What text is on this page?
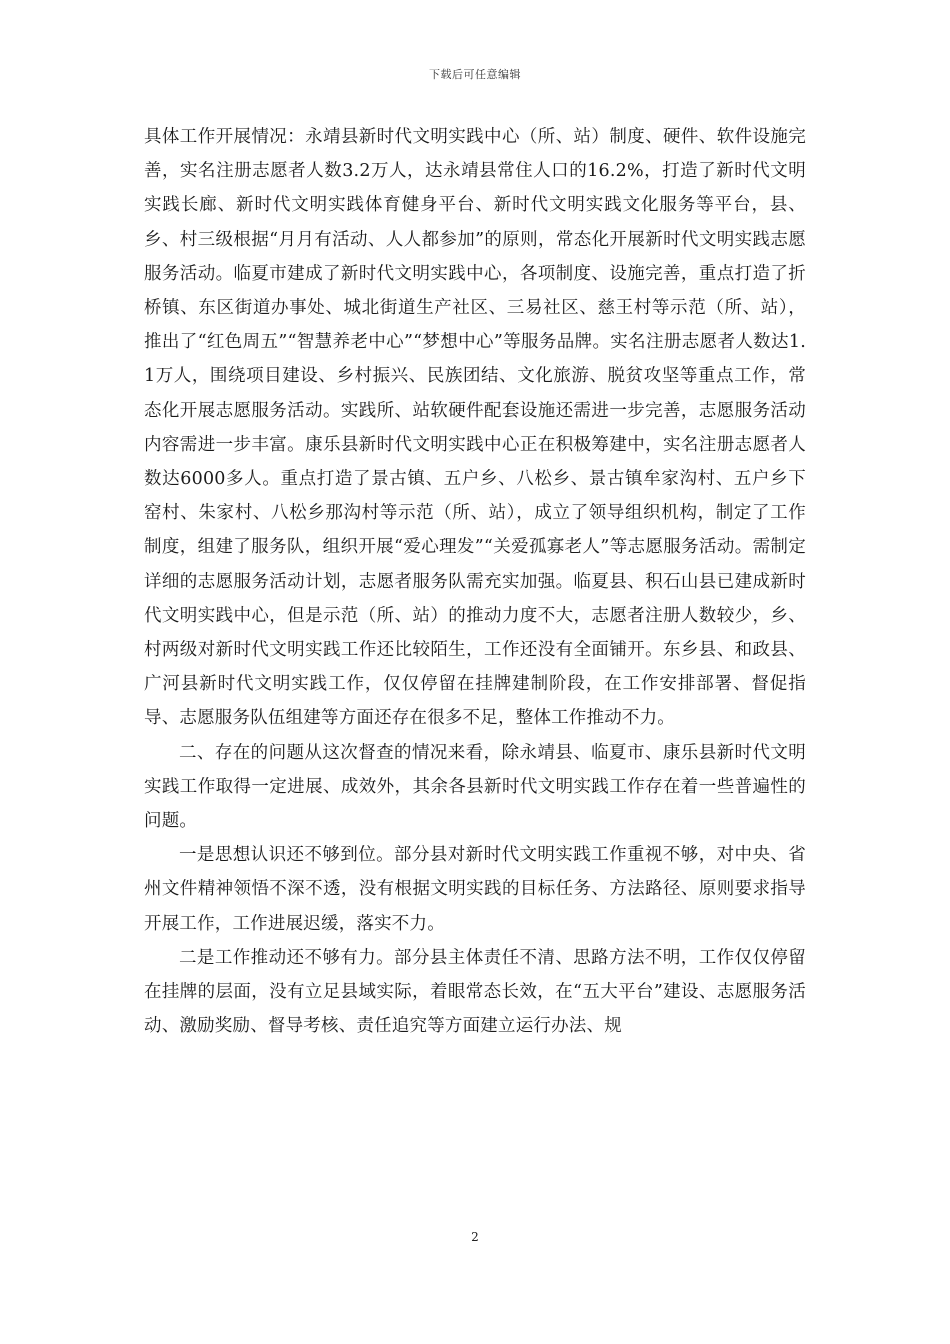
下载后可任意编辑

具体工作开展情况：永靖县新时代文明实践中心（所、站）制度、硬件、软件设施完善，实名注册志愿者人数3.2万人，达永靖县常住人口的16.2%，打造了新时代文明实践长廊、新时代文明实践体育健身平台、新时代文明实践文化服务等平台，县、乡、村三级根据“月月有活动、人人都参加”的原则，常态化开展新时代文明实践志愿服务活动。临夏市建成了新时代文明实践中心，各项制度、设施完善，重点打造了折桥镇、东区街道办事处、城北街道生产社区、三易社区、慈王村等示范（所、站），推出了“红色周五”“智慧养老中心”“梦想中心”等服务品牌。实名注册志愿者人数达1.1万人，围绕项目建设、乡村振兴、民族团结、文化旅游、脱贫攻坚等重点工作，常态化开展志愿服务活动。实践所、站软硬件配套设施还需进一步完善，志愿服务活动内容需进一步丰富。康乐县新时代文明实践中心正在积极筹建中，实名注册志愿者人数达6000多人。重点打造了景古镇、五户乡、八松乡、景古镇牟家沟村、五户乡下窑村、朱家村、八松乡那沟村等示范（所、站），成立了领导组织机构，制定了工作制度，组建了服务队，组织开展“爱心理发”“关爱孤寡老人”等志愿服务活动。需制定详细的志愿服务活动计划，志愿者服务队需充实加强。临夏县、积石山县已建成新时代文明实践中心，但是示范（所、站）的推动力度不大，志愿者注册人数较少，乡、村两级对新时代文明实践工作还比较陌生，工作还没有全面铺开。东乡县、和政县、广河县新时代文明实践工作，仅仅停留在挂牌建制阶段，在工作安排部署、督促指导、志愿服务队伍组建等方面还存在很多不足，整体工作推动不力。

二、存在的问题从这次督查的情况来看，除永靖县、临夏市、康乐县新时代文明实践工作取得一定进展、成效外，其余各县新时代文明实践工作存在着一些普遍性的问题。

一是思想认识还不够到位。部分县对新时代文明实践工作重视不够，对中央、省州文件精神领悟不深不透，没有根据文明实践的目标任务、方法路径、原则要求指导开展工作，工作进展迟缓，落实不力。

二是工作推动还不够有力。部分县主体责任不清、思路方法不明，工作仅仅停留在挂牌的层面，没有立足县域实际，着眼常态长效，在“五大平台”建设、志愿服务活动、激励奖励、督导考核、责任追究等方面建立运行办法、规

2
